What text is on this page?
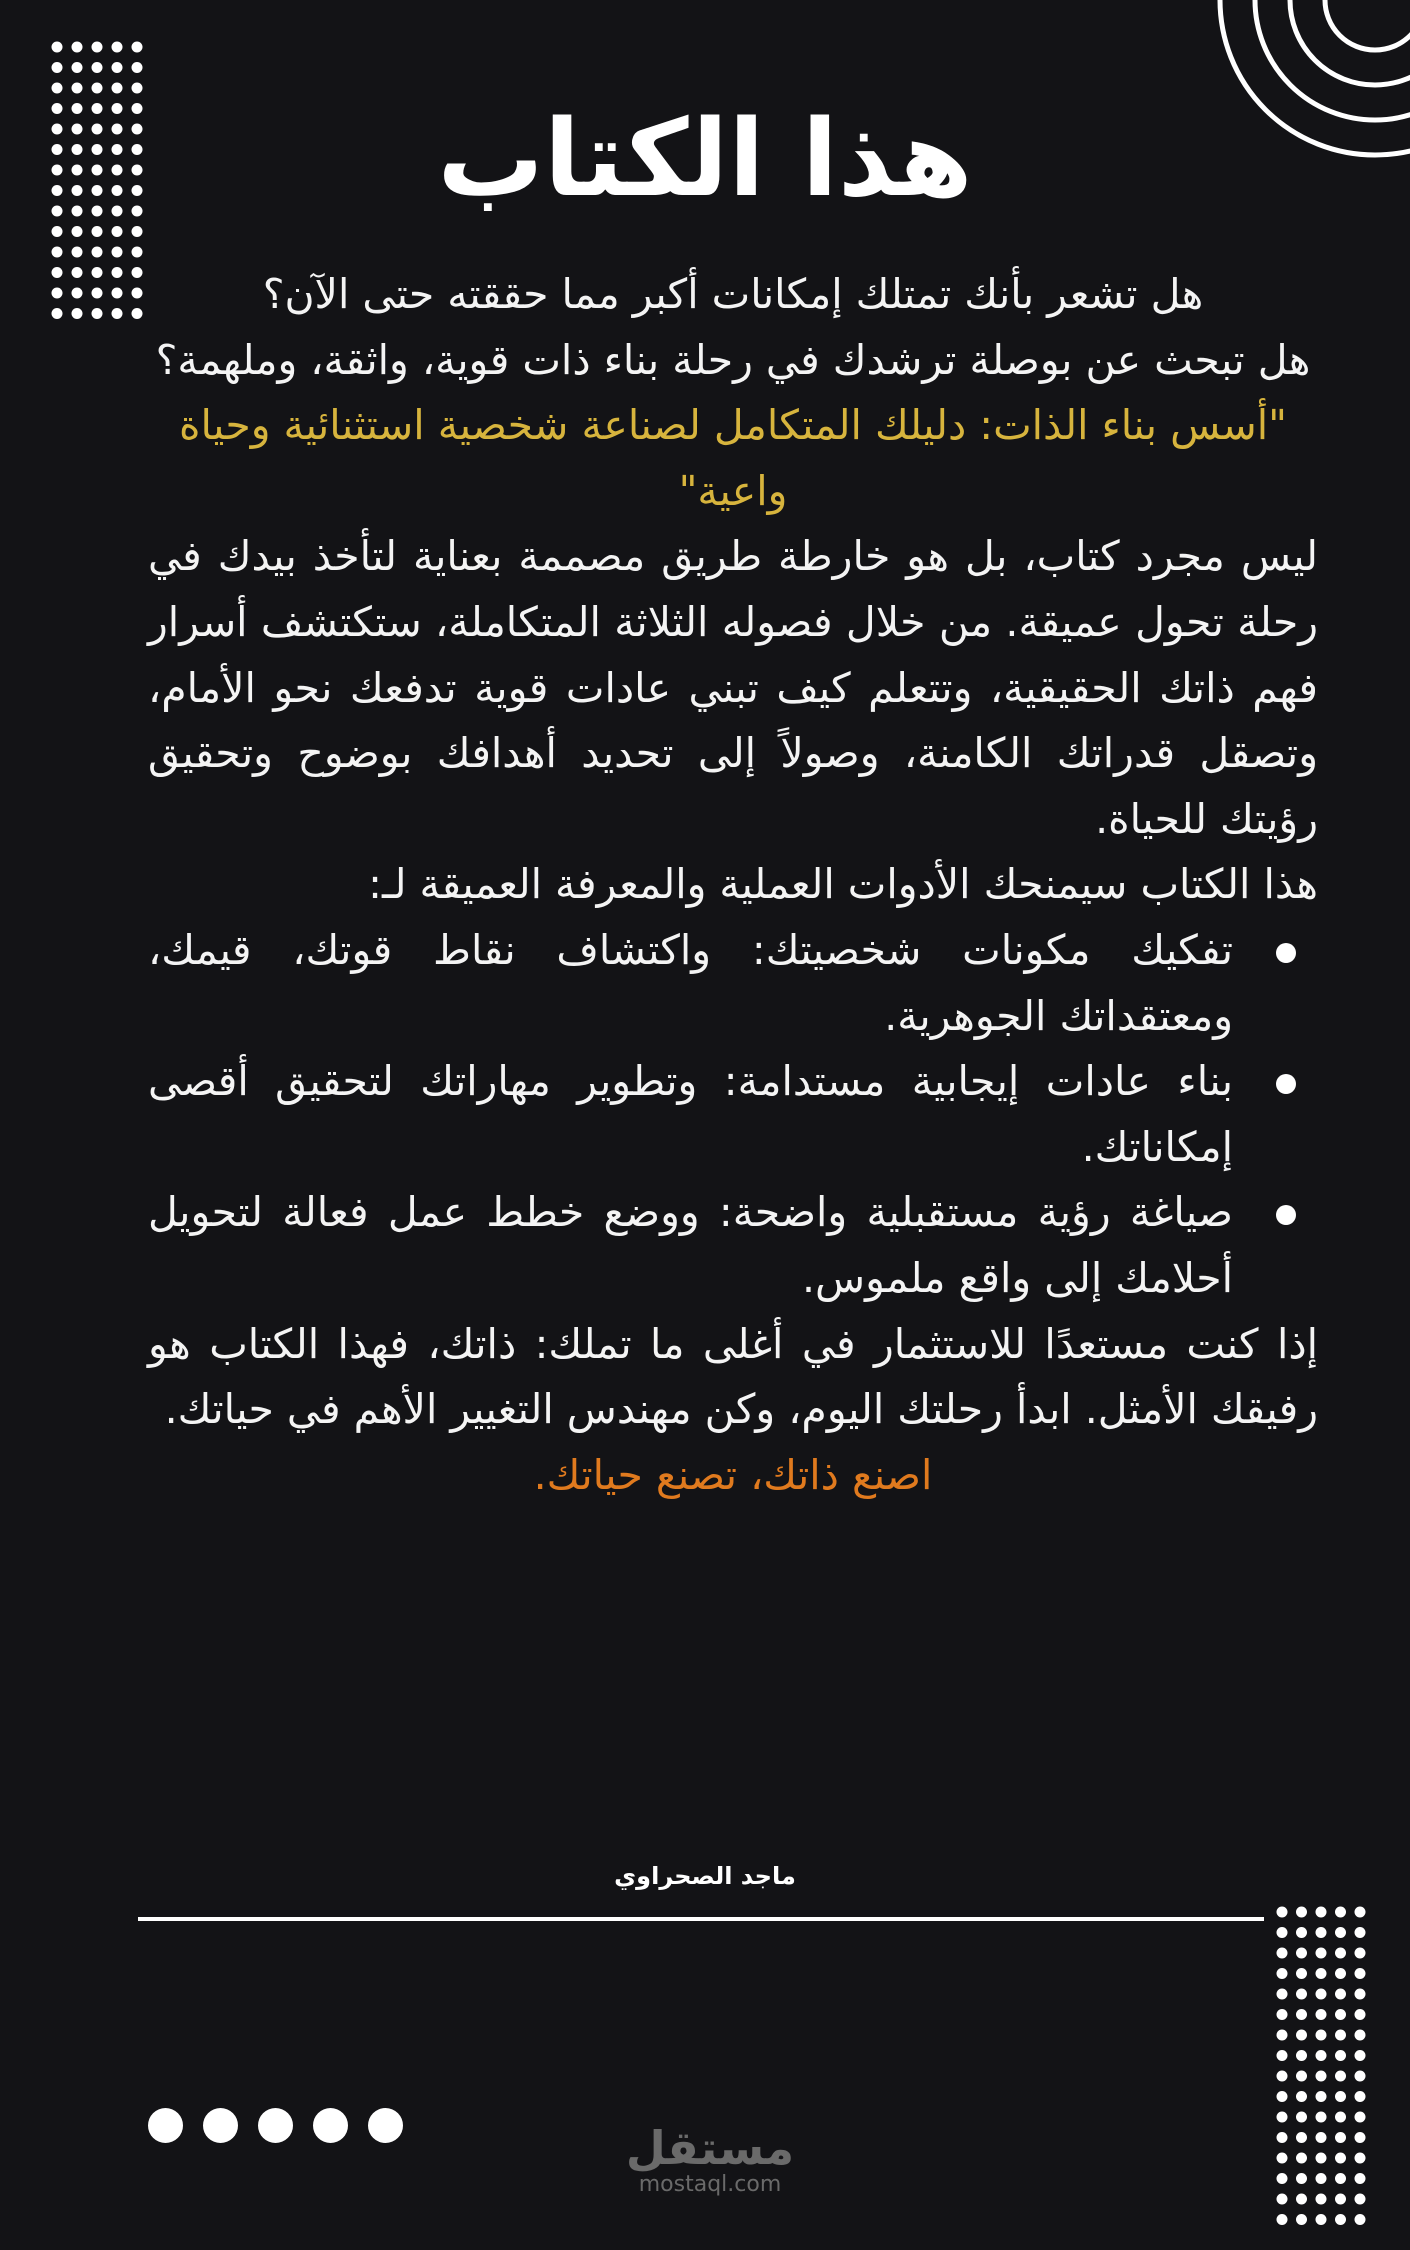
هذا الكتاب

هل تشعر بأنك تمتلك إمكانات أكبر مما حققته حتى الآن؟

هل تبحث عن بوصلة ترشدك في رحلة بناء ذات قوية، واثقة، وملهمة؟

"أسس بناء الذات: دليلك المتكامل لصناعة شخصية استثنائية وحياة واعية"

ليس مجرد كتاب، بل هو خارطة طريق مصممة بعناية لتأخذ بيدك في رحلة تحول عميقة. من خلال فصوله الثلاثة المتكاملة، ستكتشف أسرار فهم ذاتك الحقيقية، وتتعلم كيف تبني عادات قوية تدفعك نحو الأمام، وتصقل قدراتك الكامنة، وصولاً إلى تحديد أهدافك بوضوح وتحقيق رؤيتك للحياة.

هذا الكتاب سيمنحك الأدوات العملية والمعرفة العميقة لـ:

تفكيك مكونات شخصيتك: واكتشاف نقاط قوتك، قيمك، ومعتقداتك الجوهرية.
بناء عادات إيجابية مستدامة: وتطوير مهاراتك لتحقيق أقصى إمكاناتك.
صياغة رؤية مستقبلية واضحة: ووضع خطط عمل فعالة لتحويل أحلامك إلى واقع ملموس.

إذا كنت مستعدًا للاستثمار في أغلى ما تملك: ذاتك، فهذا الكتاب هو رفيقك الأمثل. ابدأ رحلتك اليوم، وكن مهندس التغيير الأهم في حياتك.

اصنع ذاتك، تصنع حياتك.

ماجد الصحراوي

مستقل
mostaql.com
